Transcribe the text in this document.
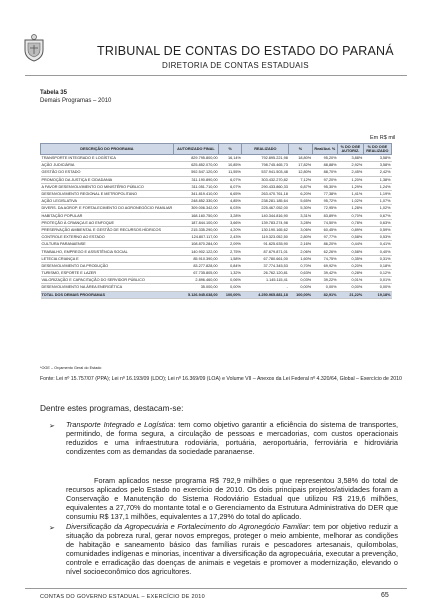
TRIBUNAL DE CONTAS DO ESTADO DO PARANÁ
DIRETORIA DE CONTAS ESTADUAIS
Tabela 35
Demais Programas – 2010
Em R$ mil
DESCRIÇÃO DO PROGRAMA	AUTORIZADO FINAL	%	REALIZADO	%	Real/Aut. %	% DO OGE AUTORIZ.	% DO OGE REALIZADO
TRANSPORTE INTEGRADO E LOGÍSTICA	829.795.800,00	16,14%	792.895.221,98	18,80%	95,20%	3,88%	3,58%
AÇÃO JUDICIÁRIA	625.852.070,00	10,85%	798.745.465,73	17,82%	88,88%	2,92%	3,58%
GESTÃO DO ESTADO	592.547.120,00	11,55%	537.941.503,48	12,80%	88,70%	2,45%	2,42%
PROMOÇÃO DA JUSTIÇA E CIDADANIA	311.190.890,00	6,07%	303.432.270,82	7,12%	97,20%	1,20%	1,38%
A FAVOR DESENVOLVIMENTO DO MINISTÉRIO PÚBLICO	311.051.710,00	6,07%	290.433.860,33	6,87%	95,30%	1,29%	1,24%
DESENVOLVIMENTO REGIONAL E METROPOLITANO	341.819.410,00	6,65%	263.470.761,18	6,20%	77,38%	1,41%	1,19%
AÇÃO LEGISLATIVA	248.852.330,00	4,85%	238.281.185,64	5,65%	95,72%	1,02%	1,07%
DIVERS. DA AGROP. E FORTALECIMENTO DO AGRONEGÓCIO FAMILIAR	309.006.342,00	6,03%	225.467.052,00	5,30%	72,95%	1,28%	1,02%
HABITAÇÃO POPULAR	168.160.750,00	3,28%	140.344.816,90	3,31%	83,89%	0,70%	0,67%
PROTEÇÃO À CRIANÇA E AO ENFOQUE	187.844.100,00	3,66%	139.783.274,98	3,28%	74,50%	0,78%	0,63%
PRESERVAÇÃO AMBIENTAL E GESTÃO DE RECURSOS HÍDRICOS	215.335.290,00	4,20%	130.190.165,62	3,06%	60,45%	0,89%	0,59%
CONTROLE EXTERNO AO ESTADO	124.807.117,00	2,43%	119.323.052,50	2,80%	97,77%	0,58%	0,53%
CULTURA PARANAENSE	108.870.284,00	2,09%	91.625.635,90	2,16%	86,20%	0,44%	0,41%
TRABALHO, EMPREGO E ASSISTÊNCIA SOCIAL	140.902.122,00	2,75%	87.679.871,01	2,06%	62,26%	0,58%	0,40%
LETECIA CRIANÇA E	85.910.390,00	1,58%	67.780.661,00	1,60%	74,75%	0,35%	0,31%
DESENVOLVIMENTO DA PRODUÇÃO	83.277.828,00	0,84%	37.774.345,53	0,70%	69,92%	0,20%	0,18%
TURISMO, ESPORTE E LAZER	67.735.805,00	1,32%	26.762.120,81	0,63%	39,42%	0,28%	0,12%
VALORIZAÇÃO E CAPACITAÇÃO DO SERVIDOR PÚBLICO	2.896.460,00	0,06%	1.145.115,41	0,03%	39,22%	0,01%	0,01%
DESENVOLVIMENTO NA ÁREA ENERGÉTICA	35.000,00	0,00%	-	0,00%	0,00%	0,00%	0,00%
TOTAL DOS DEMAIS PROGRAMAS	5.126.945.638,00	100,00%	4.250.965.881,18	100,00%	82,91%	21,22%	19,18%
*OGE – Orçamento Geral do Estado
Fonte: Lei nº 15.757/07 (PPA); Lei nº 16.193/09 (LDO); Lei nº 16.369/09 (LOA) e Volume VII – Anexos da Lei Federal nº 4.320/64, Global – Exercício de 2010
Dentre estes programas, destacam-se:
➢ Transporte Integrado e Logística: tem como objetivo garantir a eficiência do sistema de transportes, permitindo, de forma segura, a circulação de pessoas e mercadorias, com custos operacionais reduzidos e uma infraestrutura rodoviária, portuária, aeroportuária, ferroviária e hidroviária condizentes com as demandas da sociedade paranaense.
Foram aplicados nesse programa R$ 792,9 milhões o que representou 3,58% do total de recursos aplicados pelo Estado no exercício de 2010. Os dois principais projetos/atividades foram a Conservação e Manutenção do Sistema Rodoviário Estadual que utilizou R$ 219,6 milhões, equivalentes a 27,70% do montante total e o Gerenciamento da Estrutura Administrativa do DER que consumiu R$ 137,1 milhões, equivalentes a 17,29% do total do aplicado.
➢ Diversificação da Agropecuária e Fortalecimento do Agronegócio Familiar: tem por objetivo reduzir a situação da pobreza rural, gerar novos empregos, proteger o meio ambiente, melhorar as condições de habitação e saneamento básico das famílias rurais e pescadores artesanais, quilombolas, comunidades indígenas e minorias, incentivar a diversificação da agropecuária, executar a prevenção, controle e erradicação das doenças de animais e vegetais e promover a modernização, elevando o nível socioeconômico dos agricultores.
CONTAS DO GOVERNO ESTADUAL – EXERCÍCIO DE 2010	65
